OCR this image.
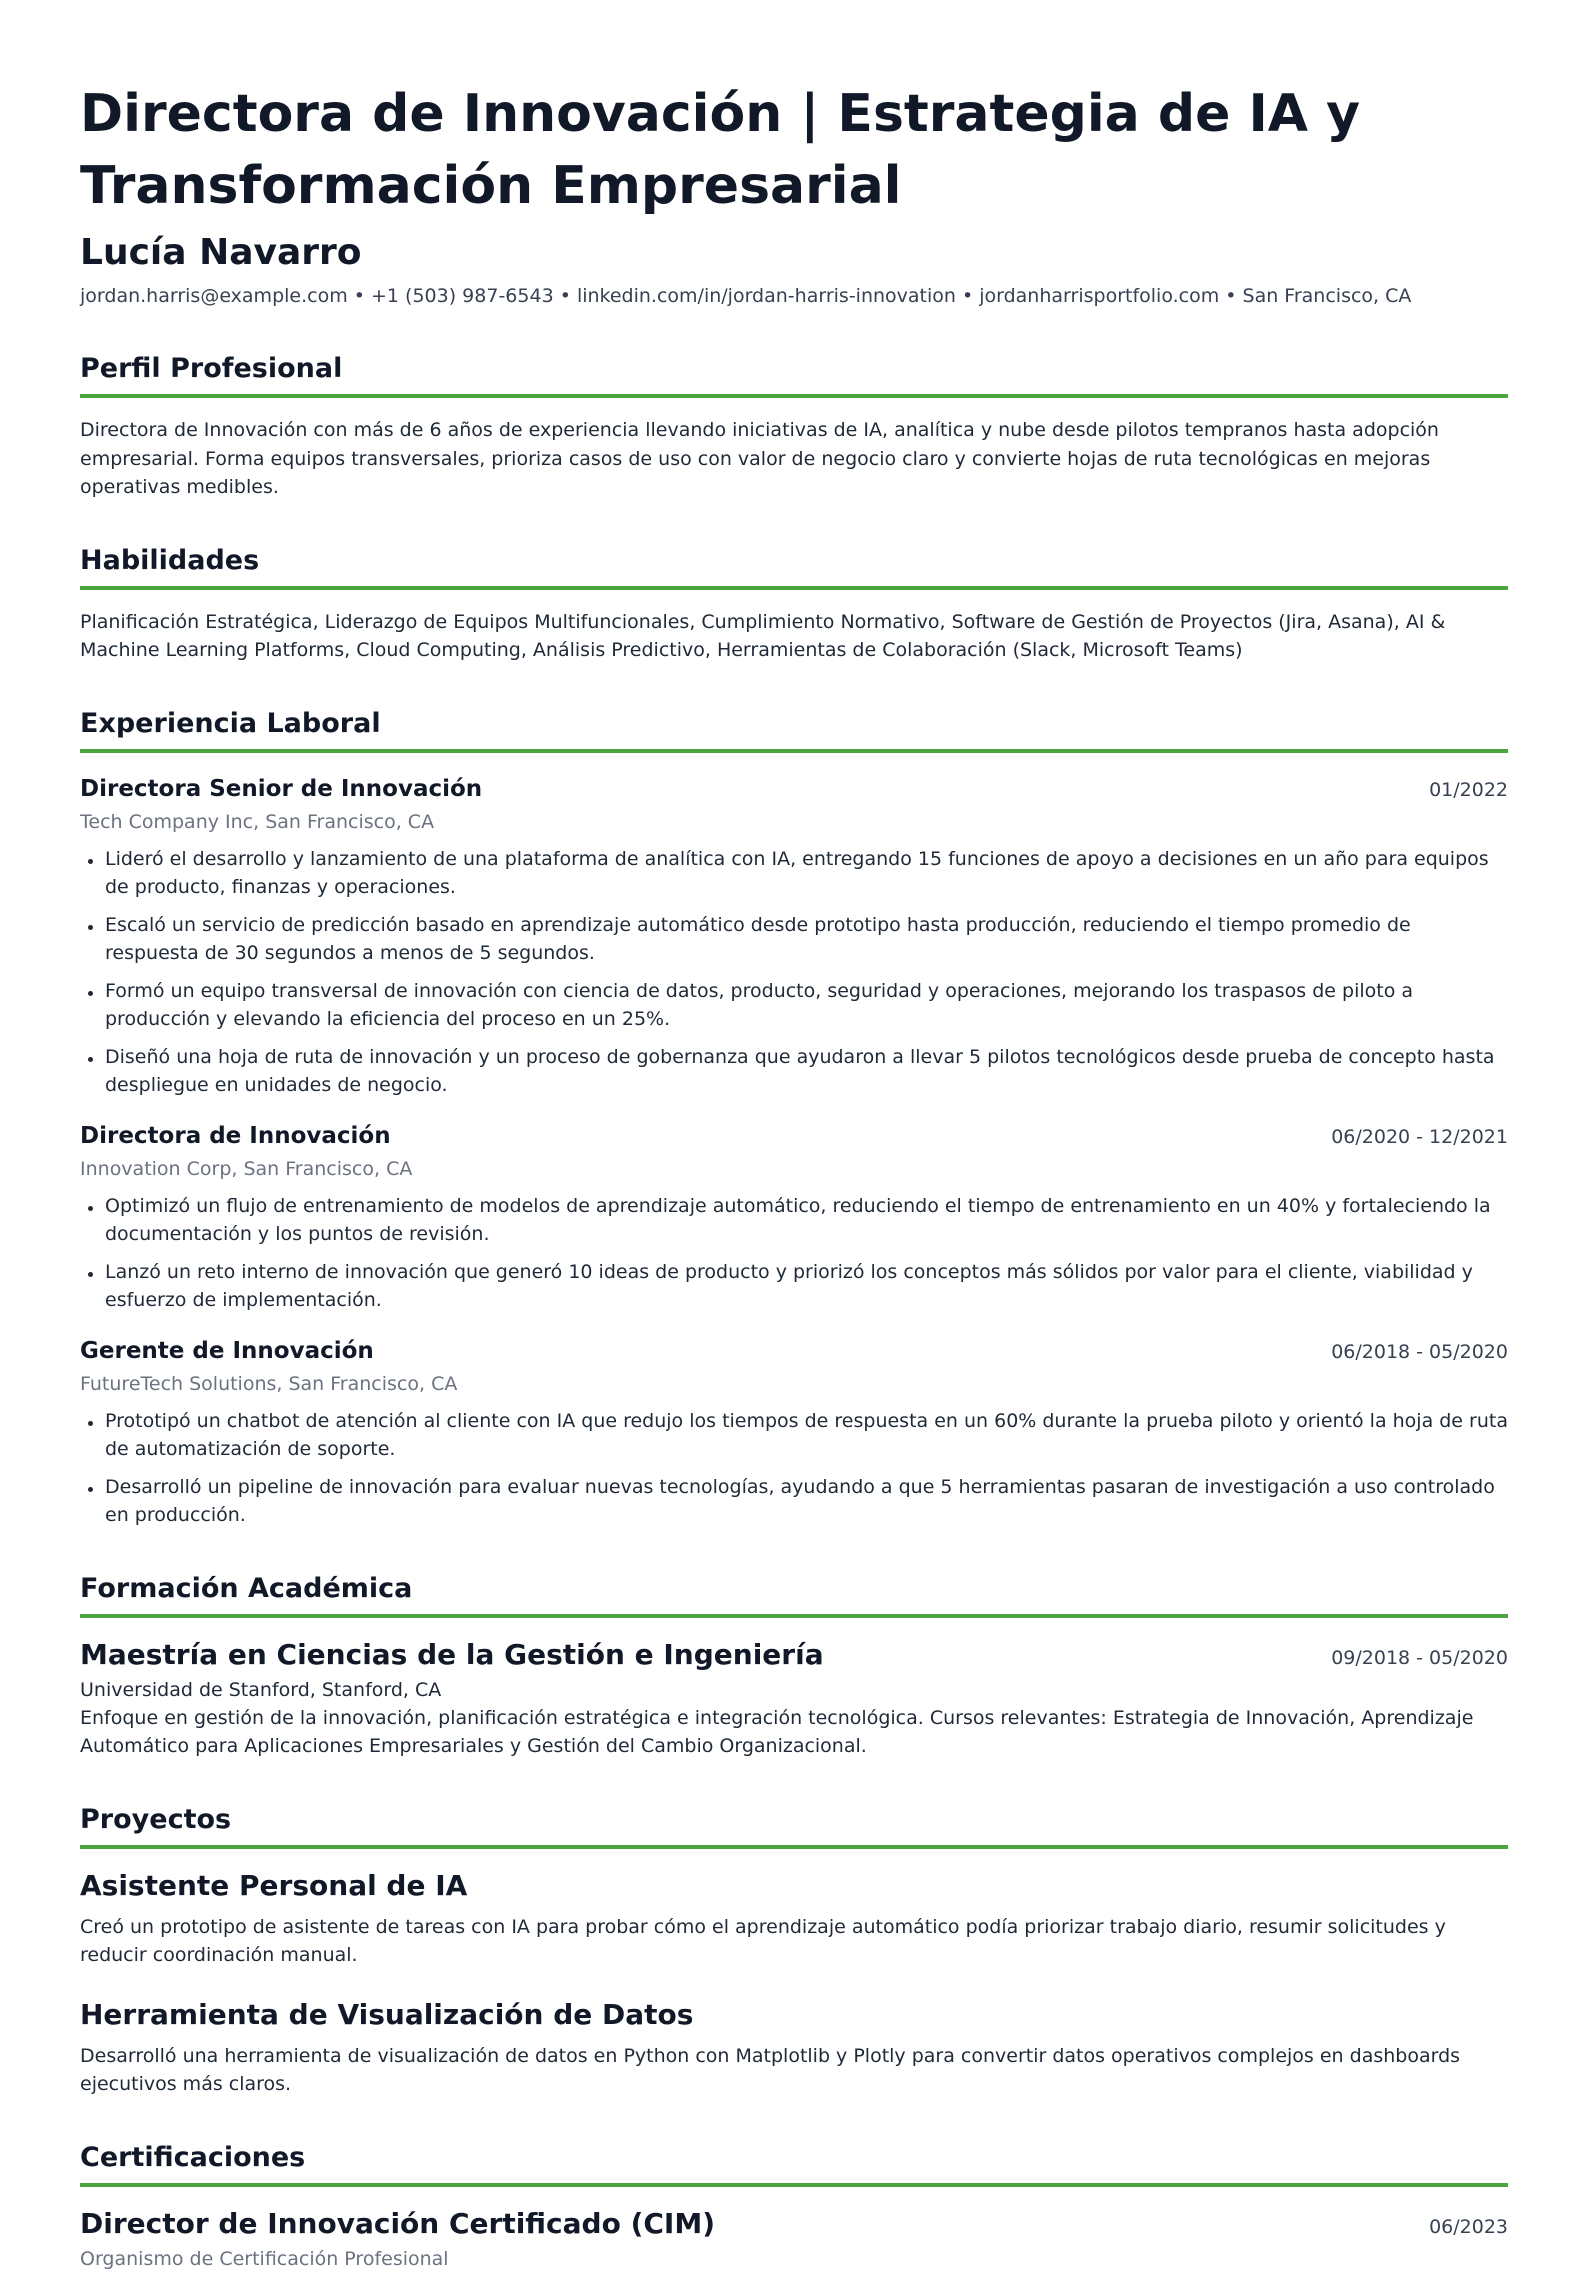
Directora de Innovación | Estrategia de IA y Transformación Empresarial
Lucía Navarro
jordan.harris@example.com • +1 (503) 987-6543 • linkedin.com/in/jordan-harris-innovation • jordanharrisportfolio.com • San Francisco, CA
Perfil Profesional

Directora de Innovación con más de 6 años de experiencia llevando iniciativas de IA, analítica y nube desde pilotos tempranos hasta adopción empresarial. Forma equipos transversales, prioriza casos de uso con valor de negocio claro y convierte hojas de ruta tecnológicas en mejoras operativas medibles.

Habilidades

Planificación Estratégica, Liderazgo de Equipos Multifuncionales, Cumplimiento Normativo, Software de Gestión de Proyectos (Jira, Asana), AI & Machine Learning Platforms, Cloud Computing, Análisis Predictivo, Herramientas de Colaboración (Slack, Microsoft Teams)

Experiencia Laboral
Directora Senior de Innovación	01/2022
Tech Company Inc, San Francisco, CA
Lideró el desarrollo y lanzamiento de una plataforma de analítica con IA, entregando 15 funciones de apoyo a decisiones en un año para equipos de producto, finanzas y operaciones.
Escaló un servicio de predicción basado en aprendizaje automático desde prototipo hasta producción, reduciendo el tiempo promedio de respuesta de 30 segundos a menos de 5 segundos.
Formó un equipo transversal de innovación con ciencia de datos, producto, seguridad y operaciones, mejorando los traspasos de piloto a producción y elevando la eficiencia del proceso en un 25%.
Diseñó una hoja de ruta de innovación y un proceso de gobernanza que ayudaron a llevar 5 pilotos tecnológicos desde prueba de concepto hasta despliegue en unidades de negocio.
Directora de Innovación	06/2020 - 12/2021
Innovation Corp, San Francisco, CA
Optimizó un flujo de entrenamiento de modelos de aprendizaje automático, reduciendo el tiempo de entrenamiento en un 40% y fortaleciendo la documentación y los puntos de revisión.
Lanzó un reto interno de innovación que generó 10 ideas de producto y priorizó los conceptos más sólidos por valor para el cliente, viabilidad y esfuerzo de implementación.
Gerente de Innovación	06/2018 - 05/2020
FutureTech Solutions, San Francisco, CA
Prototipó un chatbot de atención al cliente con IA que redujo los tiempos de respuesta en un 60% durante la prueba piloto y orientó la hoja de ruta de automatización de soporte.
Desarrolló un pipeline de innovación para evaluar nuevas tecnologías, ayudando a que 5 herramientas pasaran de investigación a uso controlado en producción.
Formación Académica
Maestría en Ciencias de la Gestión e Ingeniería	09/2018 - 05/2020
Universidad de Stanford, Stanford, CA

Enfoque en gestión de la innovación, planificación estratégica e integración tecnológica. Cursos relevantes: Estrategia de Innovación, Aprendizaje Automático para Aplicaciones Empresariales y Gestión del Cambio Organizacional.

Proyectos
Asistente Personal de IA

Creó un prototipo de asistente de tareas con IA para probar cómo el aprendizaje automático podía priorizar trabajo diario, resumir solicitudes y reducir coordinación manual.

Herramienta de Visualización de Datos

Desarrolló una herramienta de visualización de datos en Python con Matplotlib y Plotly para convertir datos operativos complejos en dashboards ejecutivos más claros.

Certificaciones
Director de Innovación Certificado (CIM)	06/2023
Organismo de Certificación Profesional
